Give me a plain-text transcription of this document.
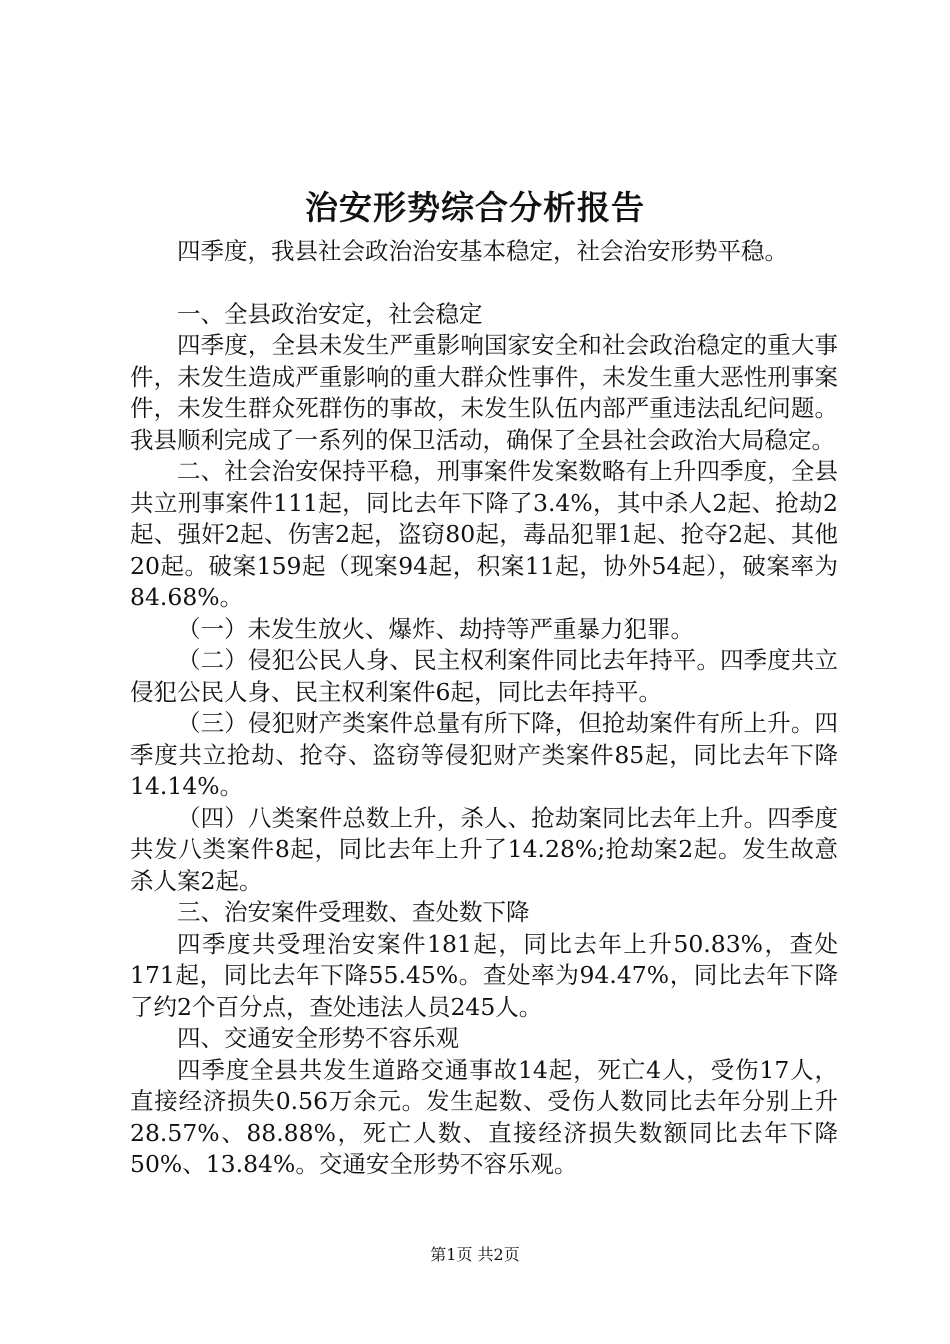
治安形势综合分析报告

四季度，我县社会政治治安基本稳定，社会治安形势平稳。

一、全县政治安定，社会稳定

四季度，全县未发生严重影响国家安全和社会政治稳定的重大事件，未发生造成严重影响的重大群众性事件，未发生重大恶性刑事案件，未发生群众死群伤的事故，未发生队伍内部严重违法乱纪问题。我县顺利完成了一系列的保卫活动，确保了全县社会政治大局稳定。

二、社会治安保持平稳，刑事案件发案数略有上升四季度，全县共立刑事案件111起，同比去年下降了3.4%，其中杀人2起、抢劫2起、强奸2起、伤害2起，盗窃80起，毒品犯罪1起、抢夺2起、其他20起。破案159起（现案94起，积案11起，协外54起），破案率为84.68%。

（一）未发生放火、爆炸、劫持等严重暴力犯罪。

（二）侵犯公民人身、民主权利案件同比去年持平。四季度共立侵犯公民人身、民主权利案件6起，同比去年持平。

（三）侵犯财产类案件总量有所下降，但抢劫案件有所上升。四季度共立抢劫、抢夺、盗窃等侵犯财产类案件85起，同比去年下降14.14%。

（四）八类案件总数上升，杀人、抢劫案同比去年上升。四季度共发八类案件8起，同比去年上升了14.28%;抢劫案2起。发生故意杀人案2起。

三、治安案件受理数、查处数下降

四季度共受理治安案件181起，同比去年上升50.83%，查处171起，同比去年下降55.45%。查处率为94.47%，同比去年下降了约2个百分点，查处违法人员245人。

四、交通安全形势不容乐观

四季度全县共发生道路交通事故14起，死亡4人，受伤17人，直接经济损失0.56万余元。发生起数、受伤人数同比去年分别上升28.57%、88.88%，死亡人数、直接经济损失数额同比去年下降50%、13.84%。交通安全形势不容乐观。

第1页 共2页
